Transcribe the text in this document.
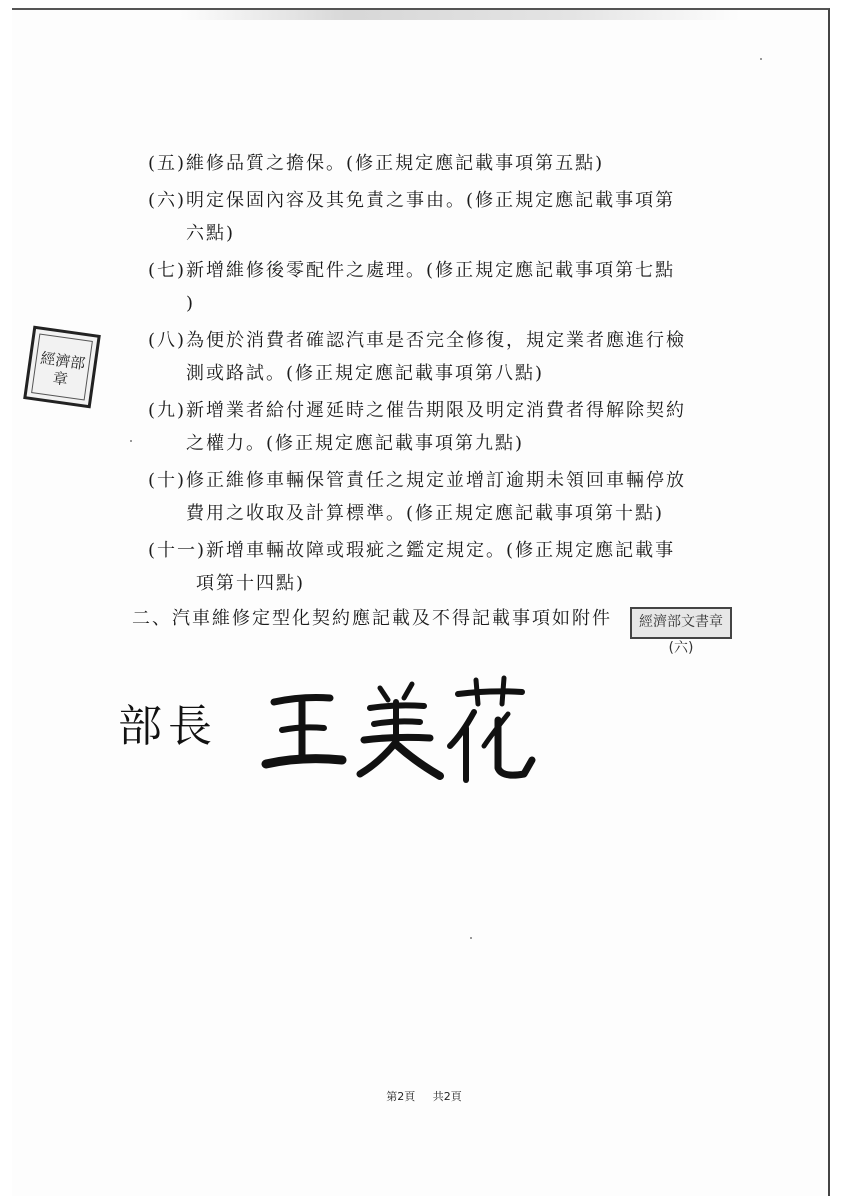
經濟部章
(五) 維修品質之擔保。(修正規定應記載事項第五點)
(六) 明定保固內容及其免責之事由。(修正規定應記載事項第
六點)
(七) 新增維修後零配件之處理。(修正規定應記載事項第七點
)
(八) 為便於消費者確認汽車是否完全修復，規定業者應進行檢
測或路試。(修正規定應記載事項第八點)
(九) 新增業者給付遲延時之催告期限及明定消費者得解除契約
之權力。(修正規定應記載事項第九點)
(十) 修正維修車輛保管責任之規定並增訂逾期未領回車輛停放
費用之收取及計算標準。(修正規定應記載事項第十點)
(十一) 新增車輛故障或瑕疵之鑑定規定。(修正規定應記載事
項第十四點)
二、汽車維修定型化契約應記載及不得記載事項如附件	經濟部文書章(六)
部長
第2頁 共2頁
